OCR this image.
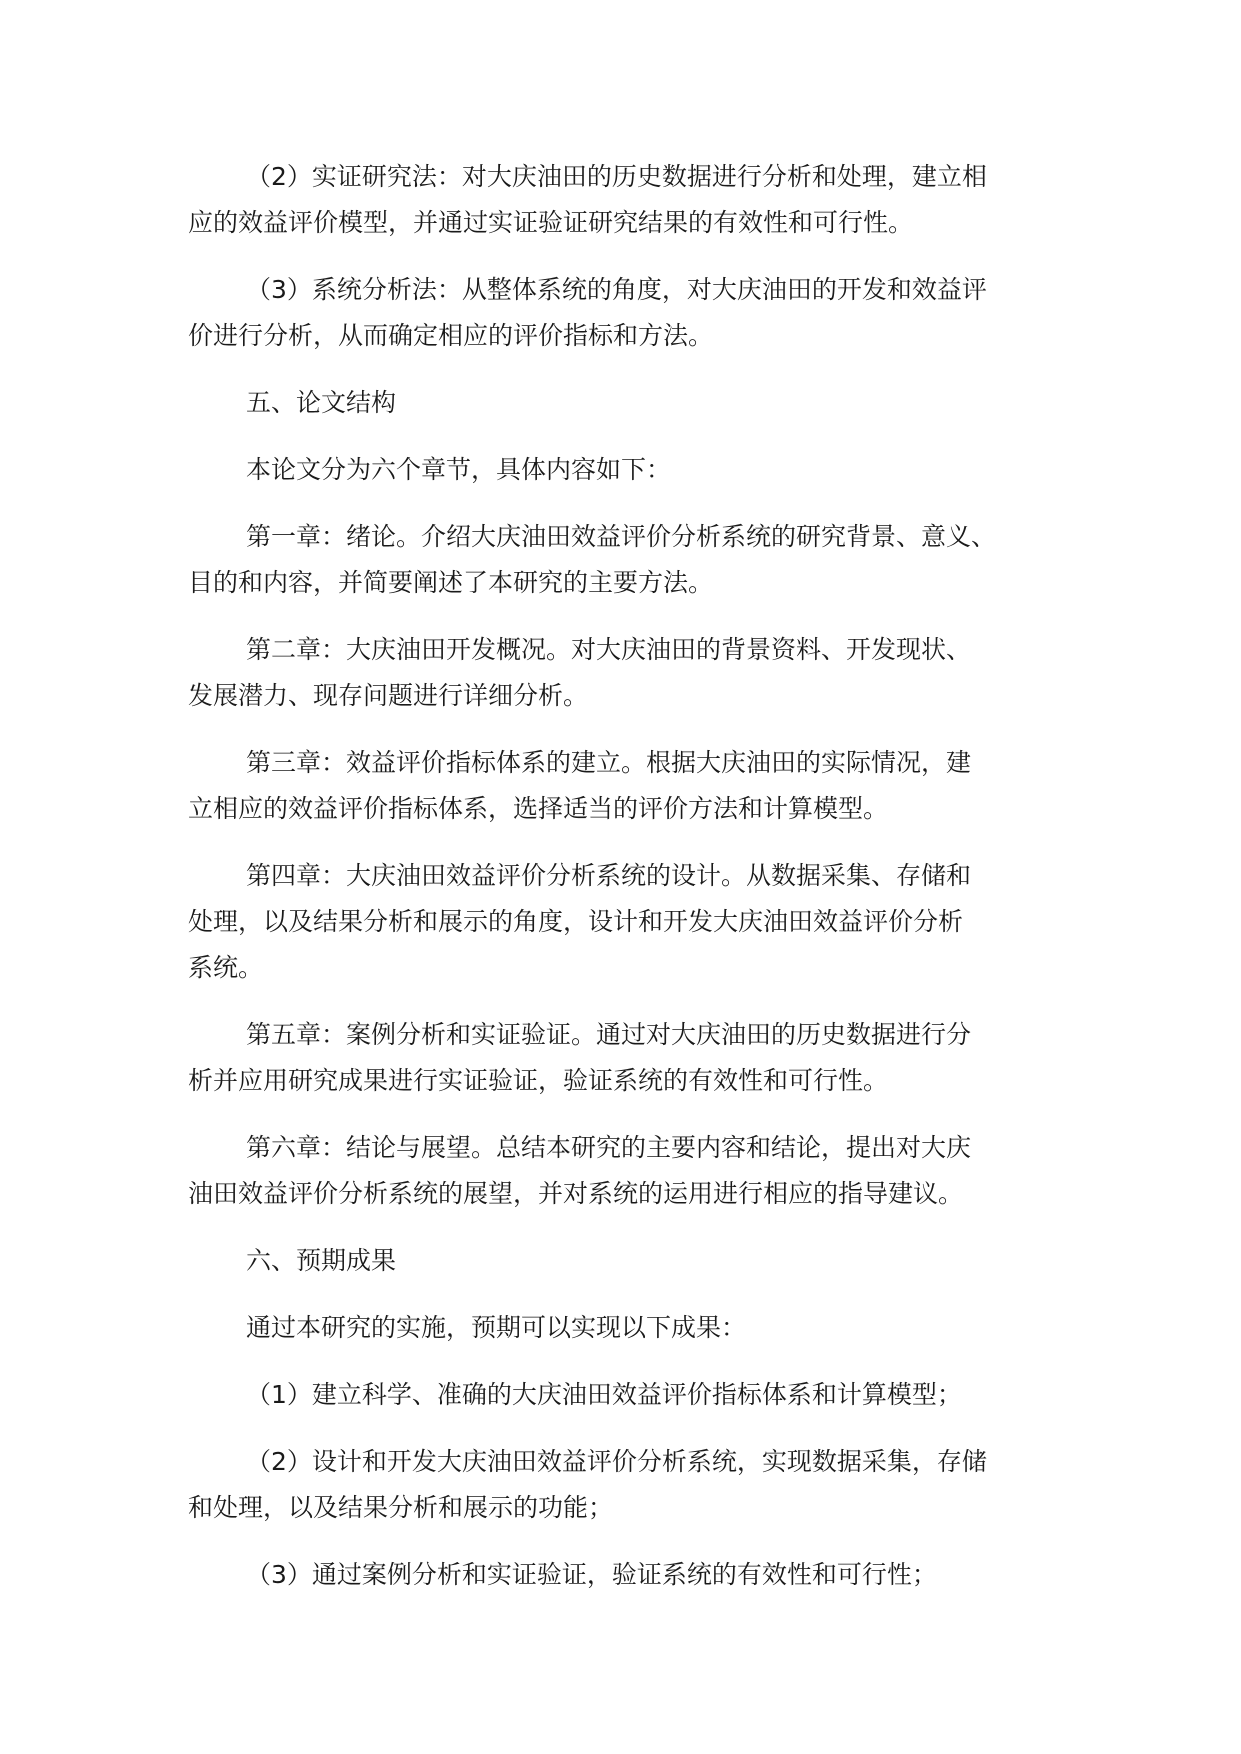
（2）实证研究法：对大庆油田的历史数据进行分析和处理，建立相
应的效益评价模型，并通过实证验证研究结果的有效性和可行性。

（3）系统分析法：从整体系统的角度，对大庆油田的开发和效益评
价进行分析，从而确定相应的评价指标和方法。

五、论文结构

本论文分为六个章节，具体内容如下：

第一章：绪论。介绍大庆油田效益评价分析系统的研究背景、意义、
目的和内容，并简要阐述了本研究的主要方法。

第二章：大庆油田开发概况。对大庆油田的背景资料、开发现状、
发展潜力、现存问题进行详细分析。

第三章：效益评价指标体系的建立。根据大庆油田的实际情况，建
立相应的效益评价指标体系，选择适当的评价方法和计算模型。

第四章：大庆油田效益评价分析系统的设计。从数据采集、存储和
处理，以及结果分析和展示的角度，设计和开发大庆油田效益评价分析
系统。

第五章：案例分析和实证验证。通过对大庆油田的历史数据进行分
析并应用研究成果进行实证验证，验证系统的有效性和可行性。

第六章：结论与展望。总结本研究的主要内容和结论，提出对大庆
油田效益评价分析系统的展望，并对系统的运用进行相应的指导建议。

六、预期成果

通过本研究的实施，预期可以实现以下成果：

（1）建立科学、准确的大庆油田效益评价指标体系和计算模型；

（2）设计和开发大庆油田效益评价分析系统，实现数据采集，存储
和处理，以及结果分析和展示的功能；

（3）通过案例分析和实证验证，验证系统的有效性和可行性；
